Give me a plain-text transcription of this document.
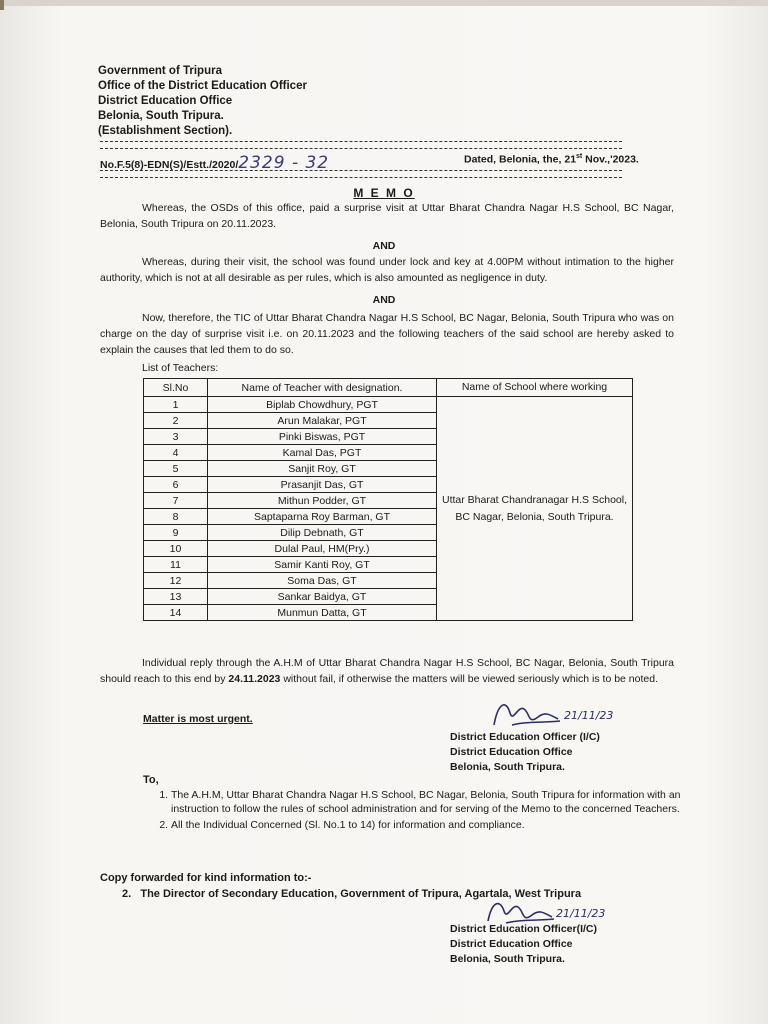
Government of Tripura
Office of the District Education Officer
District Education Office
Belonia, South Tripura.
(Establishment Section).
No.F.5(8)-EDN(S)/Estt./2020/2329 - 32	Dated, Belonia, the, 21st Nov.,'2023.
M E M O
Whereas, the OSDs of this office, paid a surprise visit at Uttar Bharat Chandra Nagar H.S School, BC Nagar, Belonia, South Tripura on 20.11.2023.
AND
Whereas, during their visit, the school was found under lock and key at 4.00PM without intimation to the higher authority, which is not at all desirable as per rules, which is also amounted as negligence in duty.
AND
Now, therefore, the TIC of Uttar Bharat Chandra Nagar H.S School, BC Nagar, Belonia, South Tripura who was on charge on the day of surprise visit i.e. on 20.11.2023 and the following teachers of the said school are hereby asked to explain the causes that led them to do so.
List of Teachers:
Sl.No	Name of Teacher with designation.	Name of School where working
1	Biplab Chowdhury, PGT	Uttar Bharat Chandranagar H.S School, BC Nagar, Belonia, South Tripura.
2	Arun Malakar, PGT	
3	Pinki Biswas, PGT	
4	Kamal Das, PGT	
5	Sanjit Roy, GT	
6	Prasanjit Das, GT	
7	Mithun Podder, GT	
8	Saptaparna Roy Barman, GT	
9	Dilip Debnath, GT	
10	Dulal Paul, HM(Pry.)	
11	Samir Kanti Roy, GT	
12	Soma Das, GT	
13	Sankar Baidya, GT	
14	Munmun Datta, GT	
Individual reply through the A.H.M of Uttar Bharat Chandra Nagar H.S School, BC Nagar, Belonia, South Tripura should reach to this end by 24.11.2023 without fail, if otherwise the matters will be viewed seriously which is to be noted.
Matter is most urgent.	21/11/23
District Education Officer (I/C)
District Education Office
Belonia, South Tripura.
To,
1. The A.H.M, Uttar Bharat Chandra Nagar H.S School, BC Nagar, Belonia, South Tripura for information with an instruction to follow the rules of school administration and for serving of the Memo to the concerned Teachers.
2. All the Individual Concerned (Sl. No.1 to 14) for information and compliance.
Copy forwarded for kind information to:-
2. The Director of Secondary Education, Government of Tripura, Agartala, West Tripura
21/11/23
District Education Officer(I/C)
District Education Office
Belonia, South Tripura.
